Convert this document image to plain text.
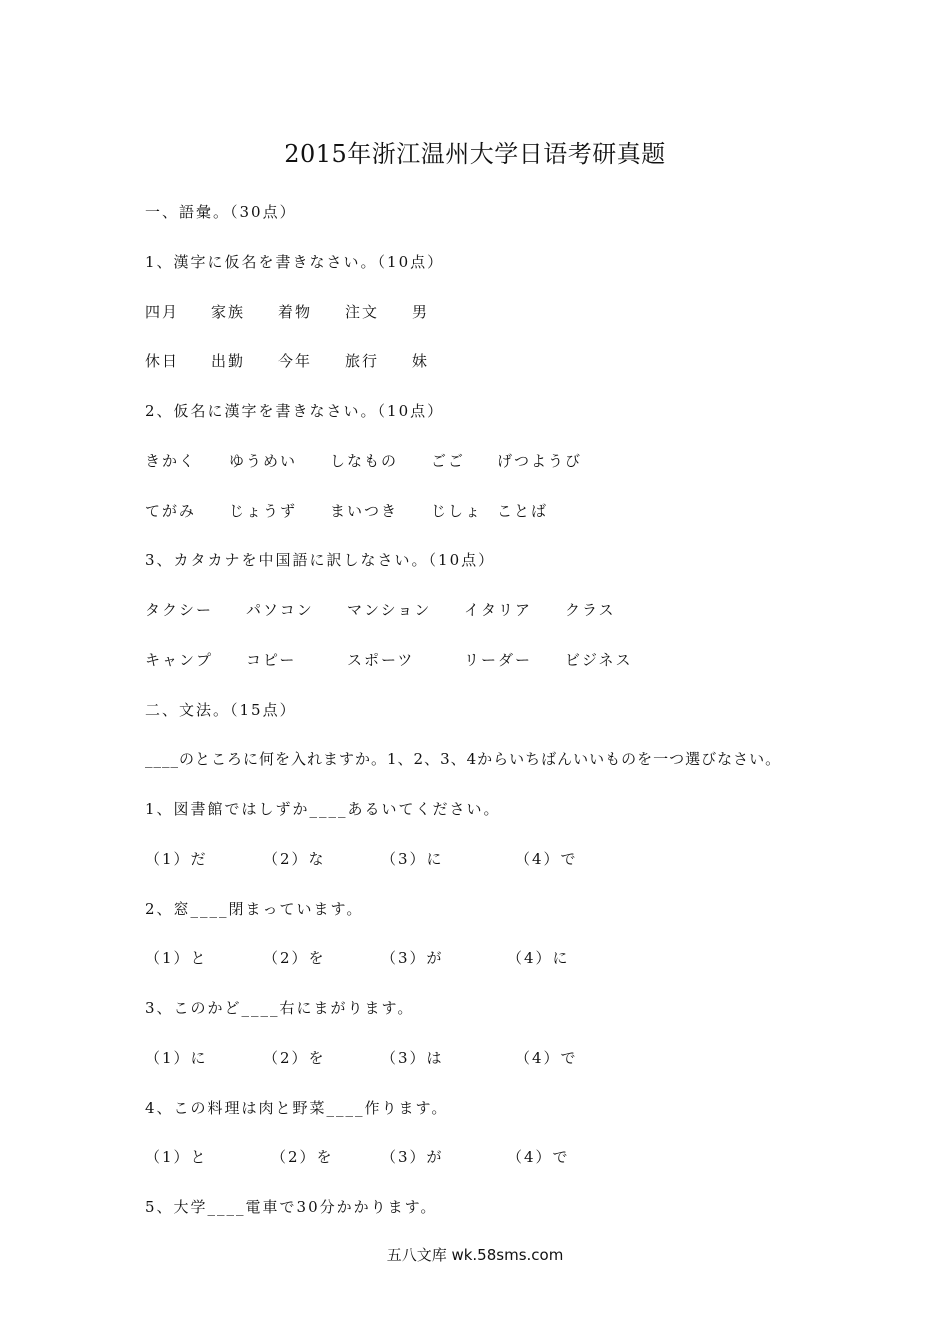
2015年浙江温州大学日语考研真题
一、語彙。（30点）
1、漢字に仮名を書きなさい。（10点）
四月 家族 着物 注文 男
休日 出勤 今年 旅行 妹
2、仮名に漢字を書きなさい。（10点）
きかく ゆうめい しなもの ごご げつようび
てがみ じょうず まいつき じしょ ことば
3、カタカナを中国語に訳しなさい。（10点）
タクシー パソコン マンション イタリア クラス
キャンプ コピー	スポーツ	リーダー ビジネス
二、文法。（15点）
____のところに何を入れますか。1、2、3、4からいちばんいいものを一つ選びなさい。
1、図書館ではしずか____あるいてください。
（1）だ	（2）な	（3）に	（4）で
2、窓____閉まっています。
（1）と	（2）を	（3）が	（4）に
3、このかど____右にまがります。
（1）に	（2）を	（3）は	（4）で
4、この料理は肉と野菜____作ります。
（1）と	（2）を	（3）が	（4）で
5、大学____電車で30分かかります。
五八文库 wk.58sms.com
